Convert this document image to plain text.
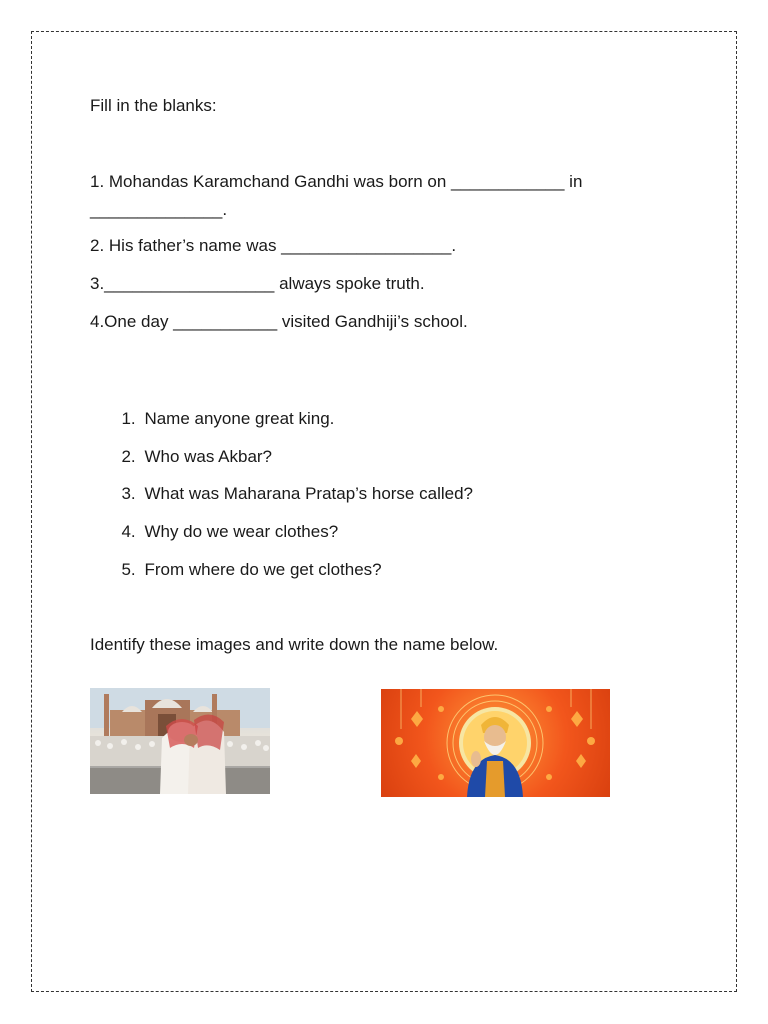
Fill in the blanks:
1. Mohandas Karamchand Gandhi was born on ____________ in
______________.
2. His father’s name was __________________.
3.__________________ always spoke truth.
4.One day ___________ visited Gandhiji’s school.

1. Name anyone great king.

2. Who was Akbar?

3. What was Maharana Pratap’s horse called?

4. Why do we wear clothes?

5. From where do we get clothes?

Identify these images and write down the name below.
